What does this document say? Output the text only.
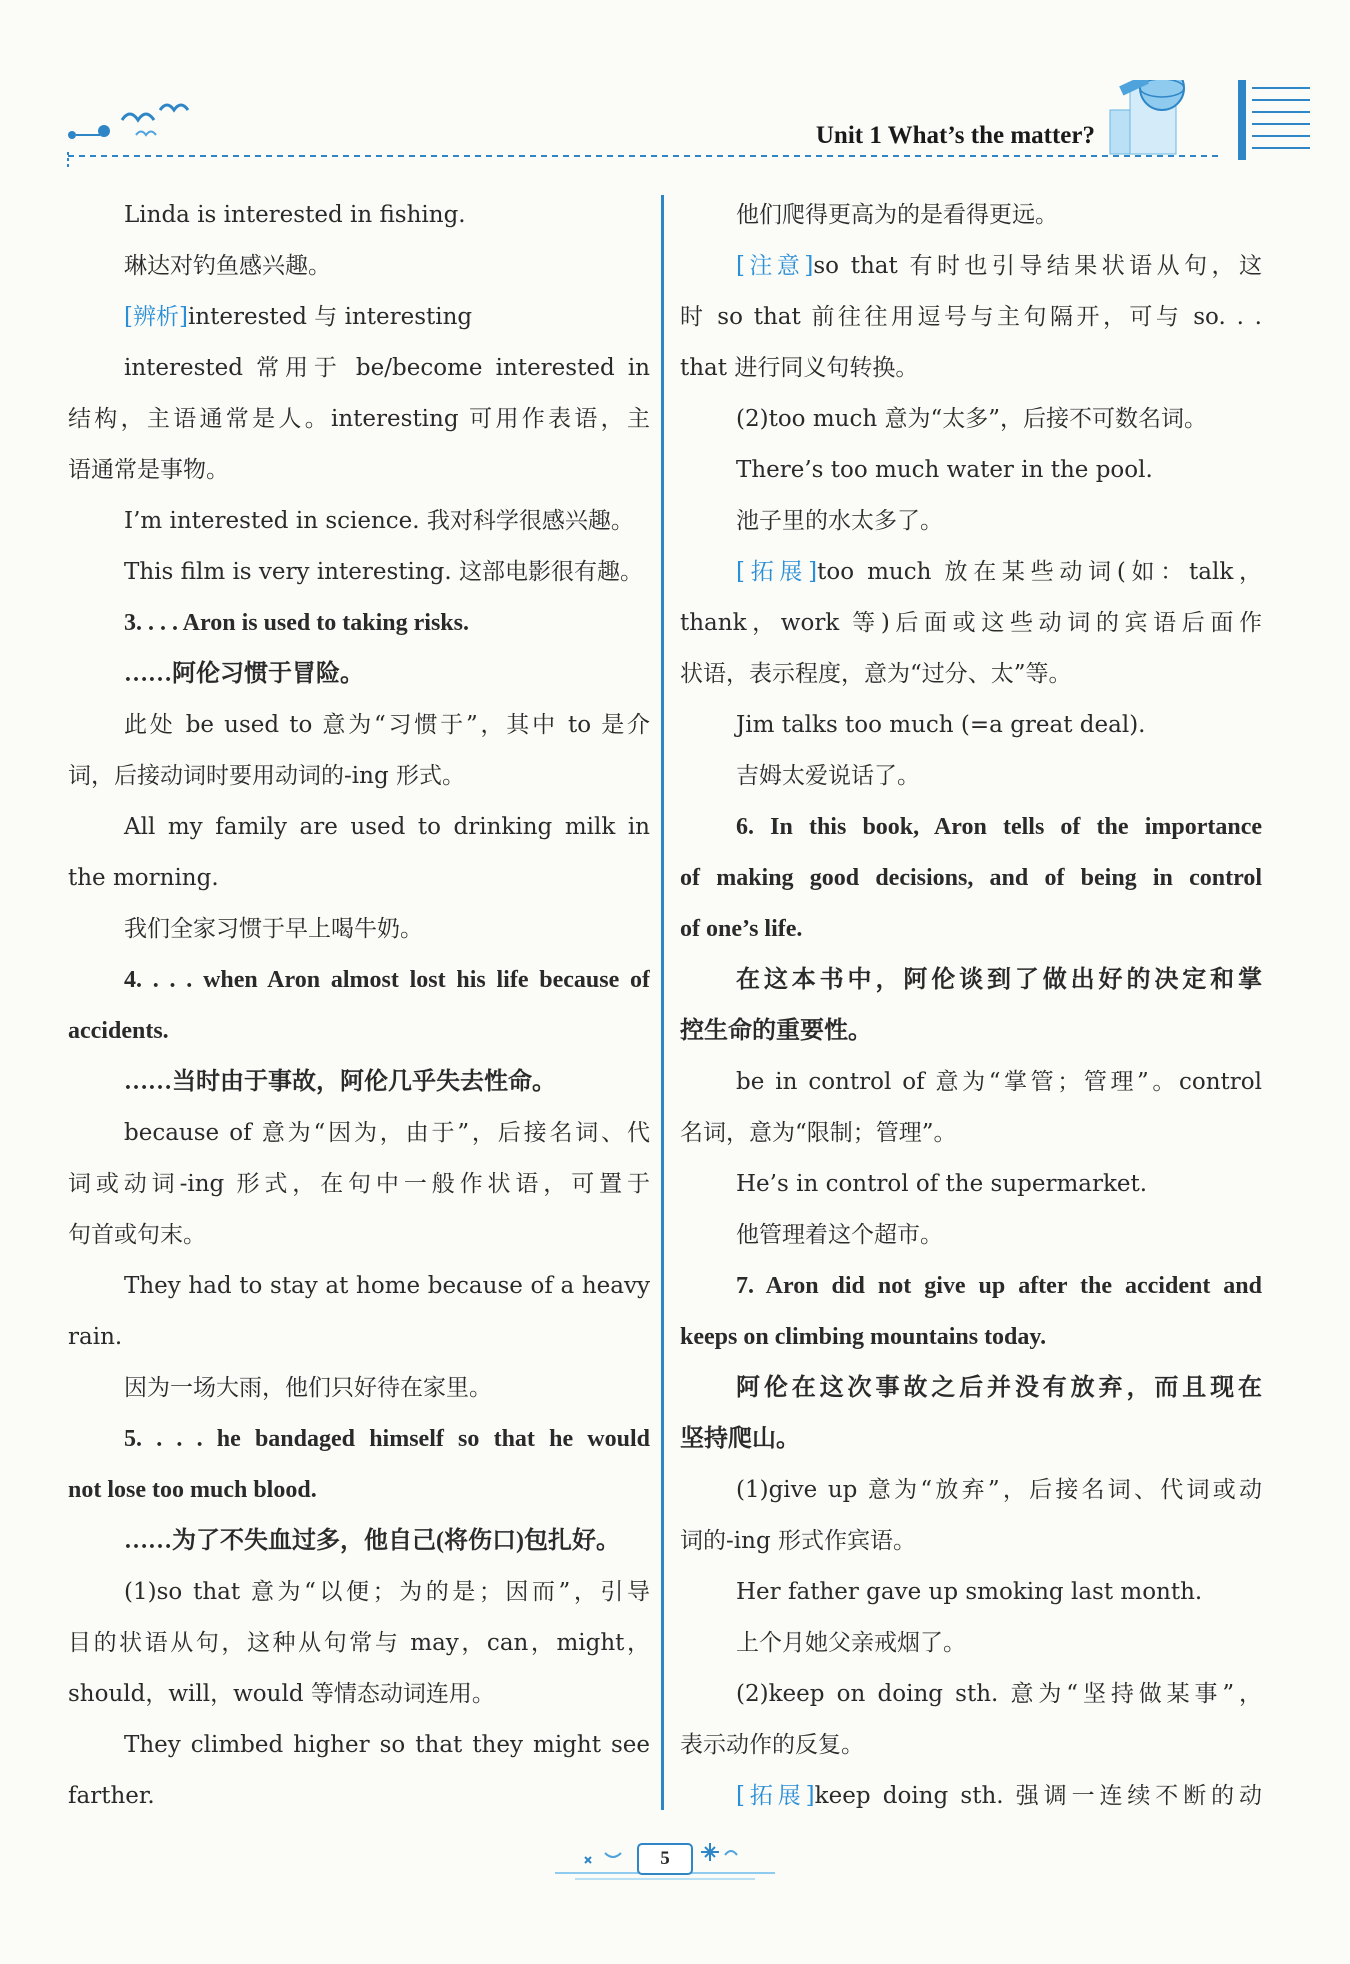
Unit 1 What’s the matter?
Linda is interested in fishing.
琳达对钓鱼感兴趣。
[辨析]interested 与 interesting
interested 常用于 be/become interested in
结构，主语通常是人。interesting 可用作表语，主
语通常是事物。
I’m interested in science. 我对科学很感兴趣。
This film is very interesting. 这部电影很有趣。
3. . . . Aron is used to taking risks.
……阿伦习惯于冒险。
此处 be used to 意为“习惯于”，其中 to 是介
词，后接动词时要用动词的-ing 形式。
All my family are used to drinking milk in
the morning.
我们全家习惯于早上喝牛奶。
4. . . . when Aron almost lost his life because of
accidents.
……当时由于事故，阿伦几乎失去性命。
because of 意为“因为，由于”，后接名词、代
词或动词-ing 形式，在句中一般作状语，可置于
句首或句末。
They had to stay at home because of a heavy
rain.
因为一场大雨，他们只好待在家里。
5. . . . he bandaged himself so that he would
not lose too much blood.
……为了不失血过多，他自己(将伤口)包扎好。
(1)so that 意为“以便；为的是；因而”，引导
目的状语从句，这种从句常与 may，can，might，
should，will，would 等情态动词连用。
They climbed higher so that they might see
farther.
他们爬得更高为的是看得更远。
[注意]so that 有时也引导结果状语从句，这
时 so that 前往往用逗号与主句隔开，可与 so. . .
that 进行同义句转换。
(2)too much 意为“太多”，后接不可数名词。
There’s too much water in the pool.
池子里的水太多了。
[拓展]too much 放在某些动词(如：talk，
thank，work 等)后面或这些动词的宾语后面作
状语，表示程度，意为“过分、太”等。
Jim talks too much (=a great deal).
吉姆太爱说话了。
6. In this book, Aron tells of the importance
of making good decisions, and of being in control
of one’s life.
在这本书中，阿伦谈到了做出好的决定和掌
控生命的重要性。
be in control of 意为“掌管；管理”。control
名词，意为“限制；管理”。
He’s in control of the supermarket.
他管理着这个超市。
7. Aron did not give up after the accident and
keeps on climbing mountains today.
阿伦在这次事故之后并没有放弃，而且现在
坚持爬山。
(1)give up 意为“放弃”，后接名词、代词或动
词的-ing 形式作宾语。
Her father gave up smoking last month.
上个月她父亲戒烟了。
(2)keep on doing sth. 意为“坚持做某事”，
表示动作的反复。
[拓展]keep doing sth. 强调一连续不断的动
5
